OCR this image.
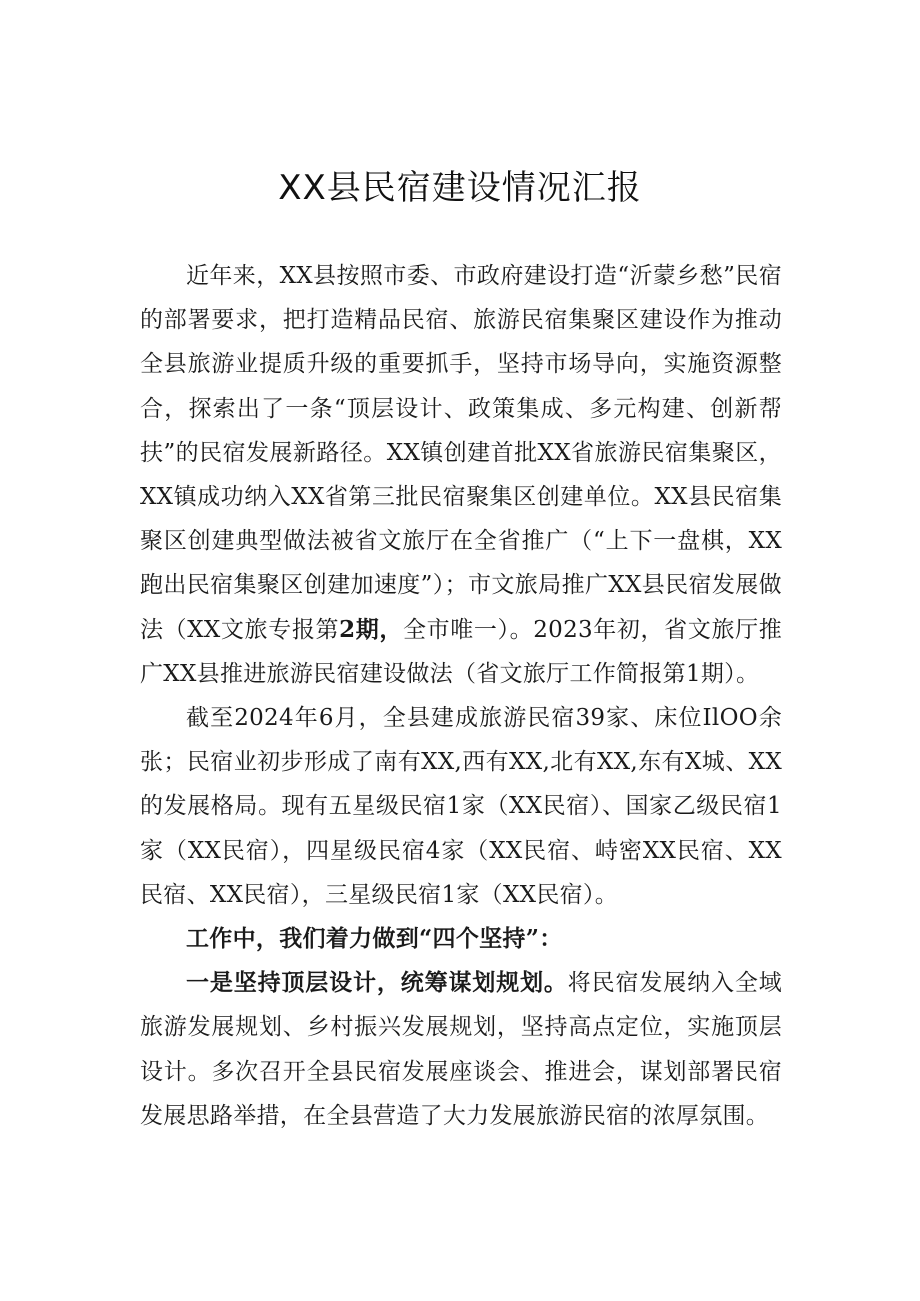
XX县民宿建设情况汇报

近年来，XX县按照市委、市政府建设打造“沂蒙乡愁”民宿的部署要求，把打造精品民宿、旅游民宿集聚区建设作为推动全县旅游业提质升级的重要抓手，坚持市场导向，实施资源整合，探索出了一条“顶层设计、政策集成、多元构建、创新帮扶”的民宿发展新路径。XX镇创建首批XX省旅游民宿集聚区，XX镇成功纳入XX省第三批民宿聚集区创建单位。XX县民宿集聚区创建典型做法被省文旅厅在全省推广（“上下一盘棋，XX跑出民宿集聚区创建加速度”）；市文旅局推广XX县民宿发展做法（XX文旅专报第2期，全市唯一）。2023年初，省文旅厅推广XX县推进旅游民宿建设做法（省文旅厅工作简报第1期）。

截至2024年6月，全县建成旅游民宿39家、床位IlOO余张；民宿业初步形成了南有XX,西有XX,北有XX,东有X城、XX的发展格局。现有五星级民宿1家（XX民宿）、国家乙级民宿1家（XX民宿），四星级民宿4家（XX民宿、峙密XX民宿、XX民宿、XX民宿），三星级民宿1家（XX民宿）。

工作中，我们着力做到“四个坚持”：

一是坚持顶层设计，统筹谋划规划。将民宿发展纳入全域旅游发展规划、乡村振兴发展规划，坚持高点定位，实施顶层设计。多次召开全县民宿发展座谈会、推进会，谋划部署民宿发展思路举措，在全县营造了大力发展旅游民宿的浓厚氛围。
